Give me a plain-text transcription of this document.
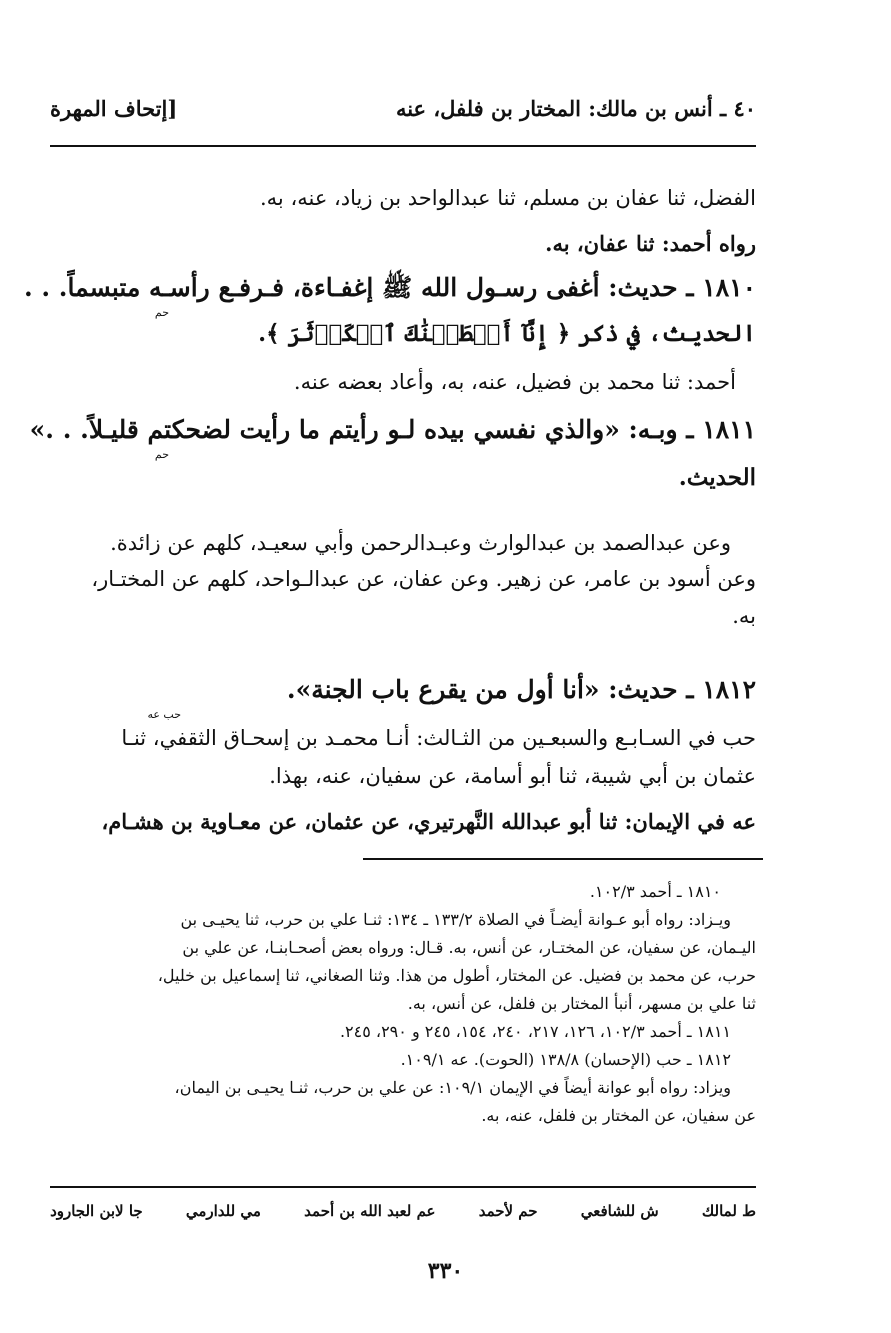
٤٠ ـ أنس بن مالك: المختار بن فلفل، عنه
[إتحاف المهرة
الفضل، ثنا عفان بن مسلم، ثنا عبدالواحد بن زياد، عنه، به.
رواه أحمد: ثنا عفان، به.
١٨١٠ ـ حديث: أغفى رسـول الله ﷺ إغفـاءة، فـرفـع رأسـه متبسماً. . .
حم
الحديث، في ذكر ﴿ إِنَّآ أَعۡطَيۡنَٰكَ ٱلۡكَوۡثَرَ ﴾.
أحمد: ثنا محمد بن فضيل، عنه، به، وأعاد بعضه عنه.
١٨١١ ـ وبـه: «والذي نفسي بيده لـو رأيتم ما رأيت لضحكتم قليـلاً. . .»
حم
الحديث.
وعن عبدالصمد بن عبدالوارث وعبـدالرحمن وأبي سعيـد، كلهم عن زائدة.
وعن أسود بن عامر، عن زهير. وعن عفان، عن عبدالـواحد، كلهم عن المختـار،
به.
١٨١٢ ـ حديث: «أنا أول من يقرع باب الجنة».
حب عه
حب في السـابـع والسبعـين من الثـالث: أنـا محمـد بن إسحـاق الثقفي، ثنـا
عثمان بن أبي شيبة، ثنا أبو أسامة، عن سفيان، عنه، بهذا.
عه في الإيمان: ثنا أبو عبدالله النَّهرتيري، عن عثمان، عن معـاوية بن هشـام،
١٨١٠ ـ أحمد ١٠٢/٣.
ويـزاد: رواه أبو عـوانة أيضـاً في الصلاة ١٣٣/٢ ـ ١٣٤: ثنـا علي بن حرب، ثنا يحيـى بن
اليـمان، عن سفيان، عن المختـار، عن أنس، به. قـال: ورواه بعض أصحـابنـا، عن علي بن
حرب، عن محمد بن فضيل. عن المختار، أطول من هذا. وثنا الصغاني، ثنا إسماعيل بن خليل،
ثنا علي بن مسهر، أنبأ المختار بن فلفل، عن أنس، به.
١٨١١ ـ أحمد ١٠٢/٣، ١٢٦، ٢١٧، ٢٤٠، ١٥٤، ٢٤٥ و ٢٩٠، ٢٤٥.
١٨١٢ ـ حب (الإحسان) ١٣٨/٨ (الحوت). عه ١٠٩/١.
ويزاد: رواه أبو عوانة أيضاً في الإيمان ١٠٩/١: عن علي بن حرب، ثنـا يحيـى بن اليمان،
عن سفيان، عن المختار بن فلفل، عنه، به.
ط لمالك
ش للشافعي
حم لأحمد
عم لعبد الله بن أحمد
مي للدارمي
جا لابن الجارود
٣٣٠
